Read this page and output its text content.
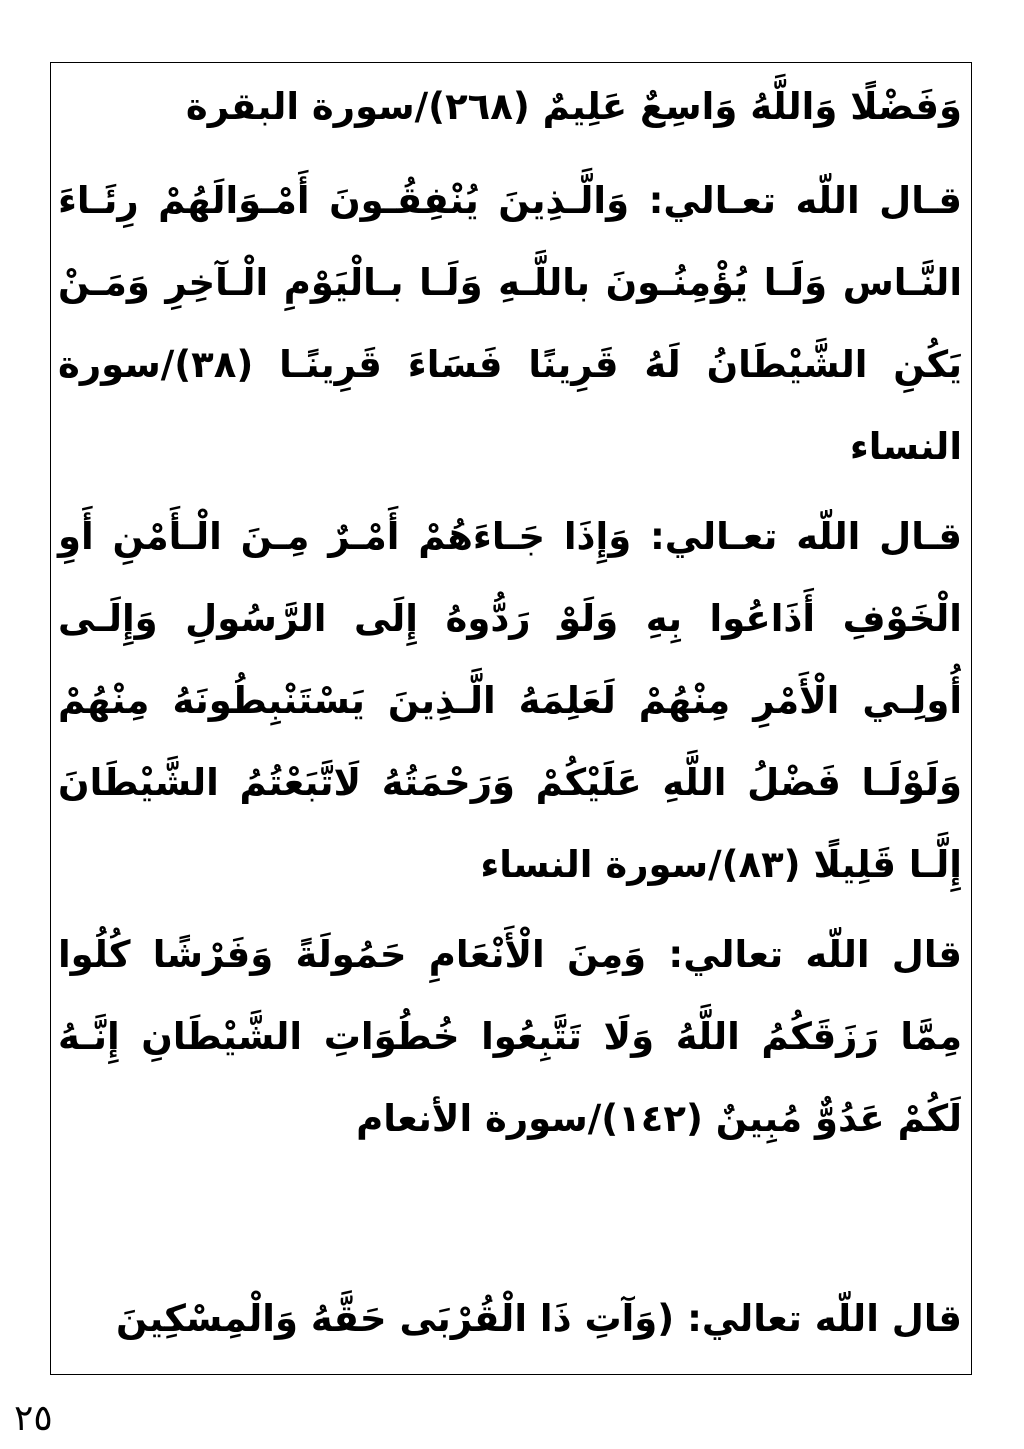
وَفَضْلًا وَاللَّهُ وَاسِعٌ عَلِيمٌ (٢٦٨)/سورة البقرة

قـال اللّه تعـالي: وَالَّـذِينَ يُنْفِقُـونَ أَمْـوَالَهُمْ رِئَـاءَ النَّـاس وَلَـا يُؤْمِنُـونَ باللَّـهِ وَلَـا بـالْيَوْمِ الْـآخِرِ وَمَـنْ يَكُنِ الشَّيْطَانُ لَهُ قَرِينًا فَسَاءَ قَرِينًـا (٣٨)/سورة النساء

قـال اللّه تعـالي: وَإِذَا جَـاءَهُمْ أَمْـرٌ مِـنَ الْـأَمْنِ أَوِ الْخَوْفِ أَذَاعُوا بِهِ وَلَوْ رَدُّوهُ إِلَى الرَّسُولِ وَإِلَـى أُولِـي الْأَمْرِ مِنْهُمْ لَعَلِمَهُ الَّـذِينَ يَسْتَنْبِطُونَهُ مِنْهُمْ وَلَوْلَـا فَضْلُ اللَّهِ عَلَيْكُمْ وَرَحْمَتُهُ لَاتَّبَعْتُمُ الشَّيْطَانَ إِلَّـا قَلِيلًا (٨٣)/سورة النساء

قال اللّه تعالي: وَمِنَ الْأَنْعَامِ حَمُولَةً وَفَرْشًا كُلُوا مِمَّا رَزَقَكُمُ اللَّهُ وَلَا تَتَّبِعُوا خُطُوَاتِ الشَّيْطَانِ إِنَّـهُ لَكُمْ عَدُوٌّ مُبِينٌ (١٤٢)/سورة الأنعام

قال اللّه تعالي: (وَآتِ ذَا الْقُرْبَى حَقَّهُ وَالْمِسْكِينَ

٢٥
